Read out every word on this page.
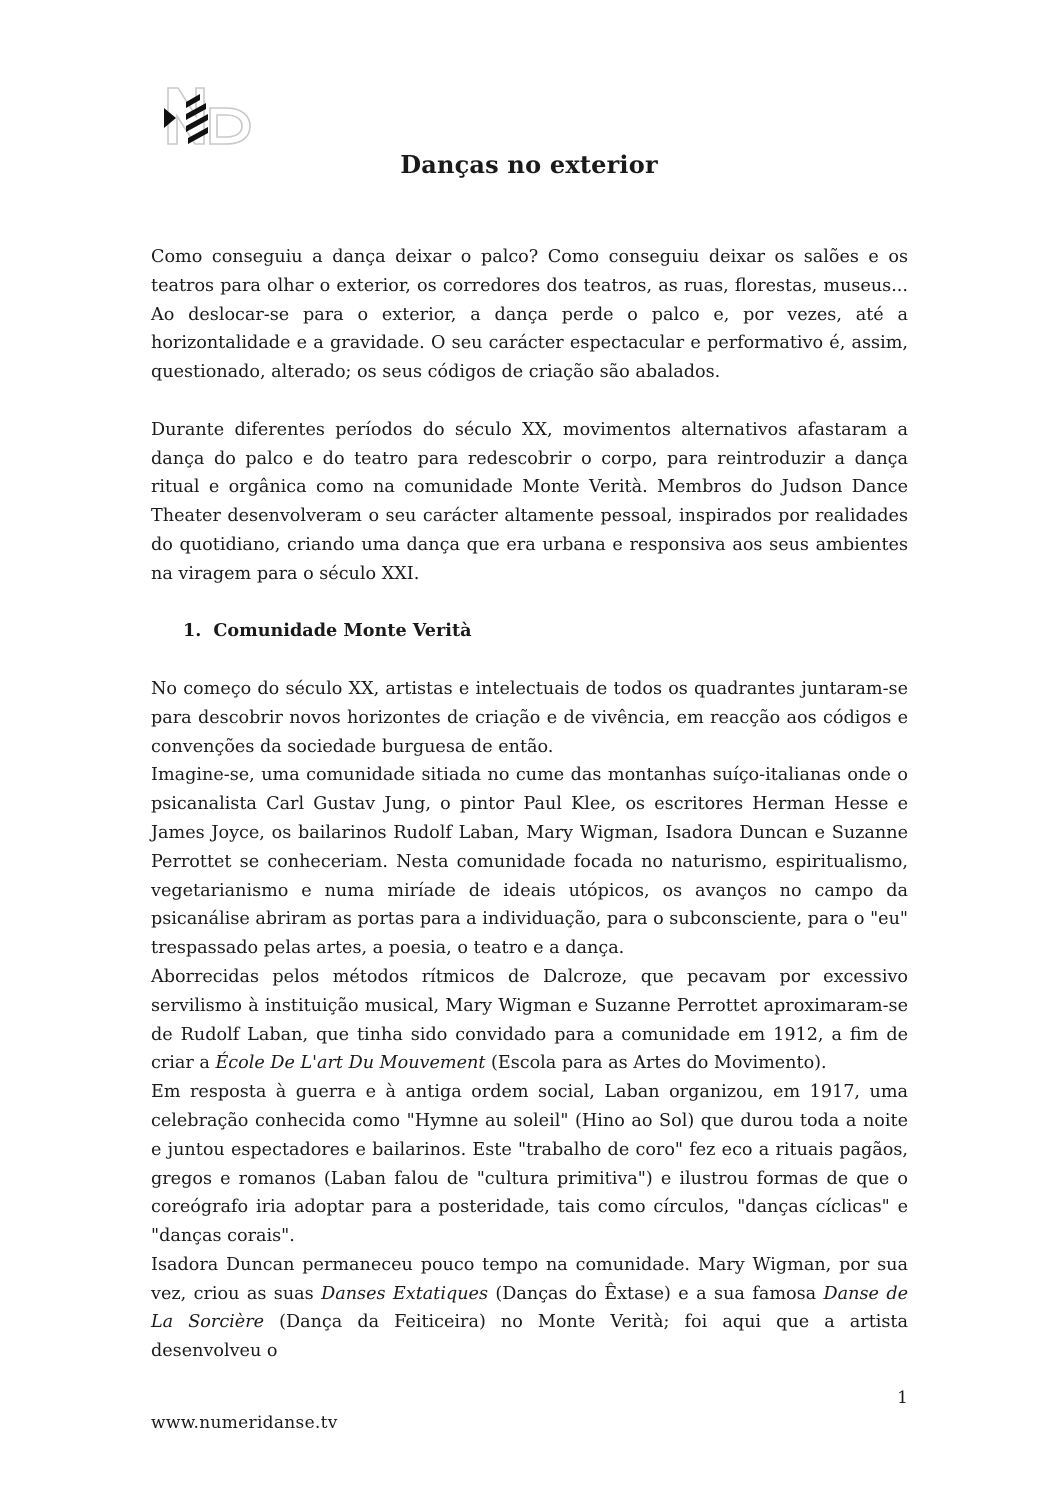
Danças no exterior

Como conseguiu a dança deixar o palco? Como conseguiu deixar os salões e os teatros para olhar o exterior, os corredores dos teatros, as ruas, florestas, museus... Ao deslocar-se para o exterior, a dança perde o palco e, por vezes, até a horizontalidade e a gravidade. O seu carácter espectacular e performativo é, assim, questionado, alterado; os seus códigos de criação são abalados.

Durante diferentes períodos do século XX, movimentos alternativos afastaram a dança do palco e do teatro para redescobrir o corpo, para reintroduzir a dança ritual e orgânica como na comunidade Monte Verità. Membros do Judson Dance Theater desenvolveram o seu carácter altamente pessoal, inspirados por realidades do quotidiano, criando uma dança que era urbana e responsiva aos seus ambientes na viragem para o século XXI.

1. Comunidade Monte Verità

No começo do século XX, artistas e intelectuais de todos os quadrantes juntaram-se para descobrir novos horizontes de criação e de vivência, em reacção aos códigos e convenções da sociedade burguesa de então.

Imagine-se, uma comunidade sitiada no cume das montanhas suíço-italianas onde o psicanalista Carl Gustav Jung, o pintor Paul Klee, os escritores Herman Hesse e James Joyce, os bailarinos Rudolf Laban, Mary Wigman, Isadora Duncan e Suzanne Perrottet se conheceriam. Nesta comunidade focada no naturismo, espiritualismo, vegetarianismo e numa miríade de ideais utópicos, os avanços no campo da psicanálise abriram as portas para a individuação, para o subconsciente, para o "eu" trespassado pelas artes, a poesia, o teatro e a dança.

Aborrecidas pelos métodos rítmicos de Dalcroze, que pecavam por excessivo servilismo à instituição musical, Mary Wigman e Suzanne Perrottet aproximaram-se de Rudolf Laban, que tinha sido convidado para a comunidade em 1912, a fim de criar a École De L'art Du Mouvement (Escola para as Artes do Movimento).

Em resposta à guerra e à antiga ordem social, Laban organizou, em 1917, uma celebração conhecida como "Hymne au soleil" (Hino ao Sol) que durou toda a noite e juntou espectadores e bailarinos. Este "trabalho de coro" fez eco a rituais pagãos, gregos e romanos (Laban falou de "cultura primitiva") e ilustrou formas de que o coreógrafo iria adoptar para a posteridade, tais como círculos, "danças cíclicas" e "danças corais".

Isadora Duncan permaneceu pouco tempo na comunidade. Mary Wigman, por sua vez, criou as suas Danses Extatiques (Danças do Êxtase) e a sua famosa Danse de La Sorcière (Dança da Feiticeira) no Monte Verità; foi aqui que a artista desenvolveu o

1
www.numeridanse.tv
